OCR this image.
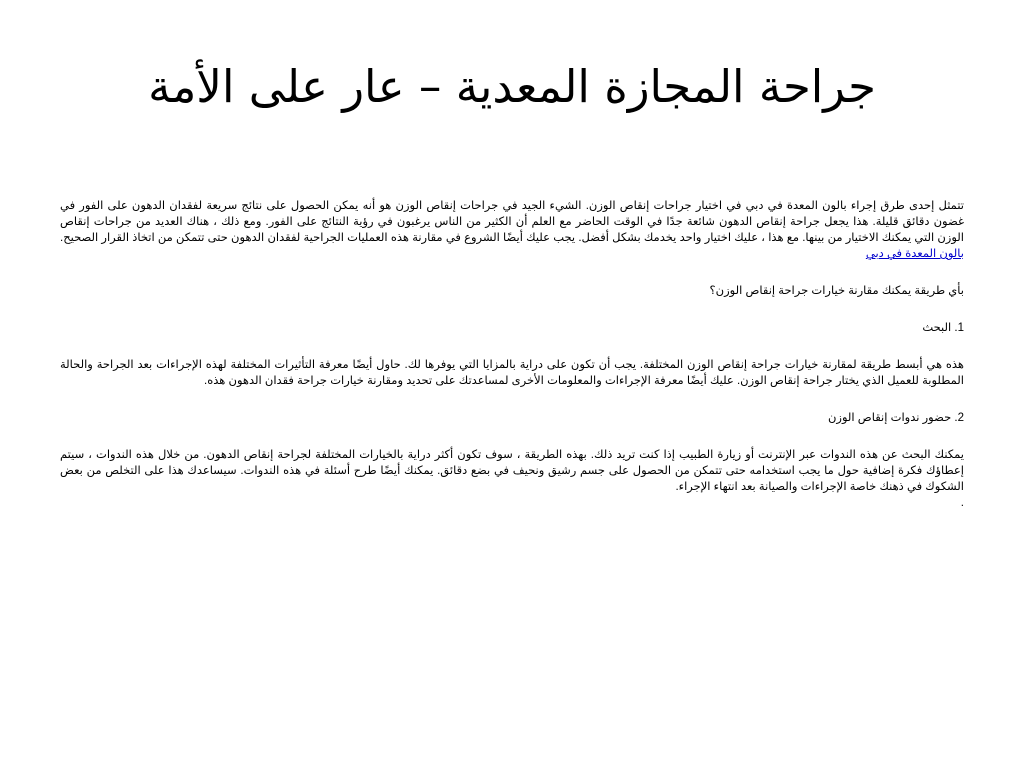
جراحة المجازة المعدية – عار على الأمة

تتمثل إحدى طرق إجراء بالون المعدة في دبي في اختيار جراحات إنقاص الوزن. الشيء الجيد في جراحات إنقاص الوزن هو أنه يمكن الحصول على نتائج سريعة لفقدان الدهون على الفور في غضون دقائق قليلة. هذا يجعل جراحة إنقاص الدهون شائعة جدًا في الوقت الحاضر مع العلم أن الكثير من الناس يرغبون في رؤية النتائج على الفور. ومع ذلك ، هناك العديد من جراحات إنقاص الوزن التي يمكنك الاختيار من بينها. مع هذا ، عليك اختيار واحد يخدمك بشكل أفضل. يجب عليك أيضًا الشروع في مقارنة هذه العمليات الجراحية لفقدان الدهون حتى تتمكن من اتخاذ القرار الصحيح. بالون المعدة في دبي

بأي طريقة يمكنك مقارنة خيارات جراحة إنقاص الوزن؟

1. البحث

هذه هي أبسط طريقة لمقارنة خيارات جراحة إنقاص الوزن المختلفة. يجب أن تكون على دراية بالمزايا التي يوفرها لك. حاول أيضًا معرفة التأثيرات المختلفة لهذه الإجراءات بعد الجراحة والحالة المطلوبة للعميل الذي يختار جراحة إنقاص الوزن. عليك أيضًا معرفة الإجراءات والمعلومات الأخرى لمساعدتك على تحديد ومقارنة خيارات جراحة فقدان الدهون هذه.

2. حضور ندوات إنقاص الوزن

يمكنك البحث عن هذه الندوات عبر الإنترنت أو زيارة الطبيب إذا كنت تريد ذلك. بهذه الطريقة ، سوف تكون أكثر دراية بالخيارات المختلفة لجراحة إنقاص الدهون. من خلال هذه الندوات ، سيتم إعطاؤك فكرة إضافية حول ما يجب استخدامه حتى تتمكن من الحصول على جسم رشيق ونحيف في بضع دقائق. يمكنك أيضًا طرح أسئلة في هذه الندوات. سيساعدك هذا على التخلص من بعض الشكوك في ذهنك خاصة الإجراءات والصيانة بعد انتهاء الإجراء.

.
